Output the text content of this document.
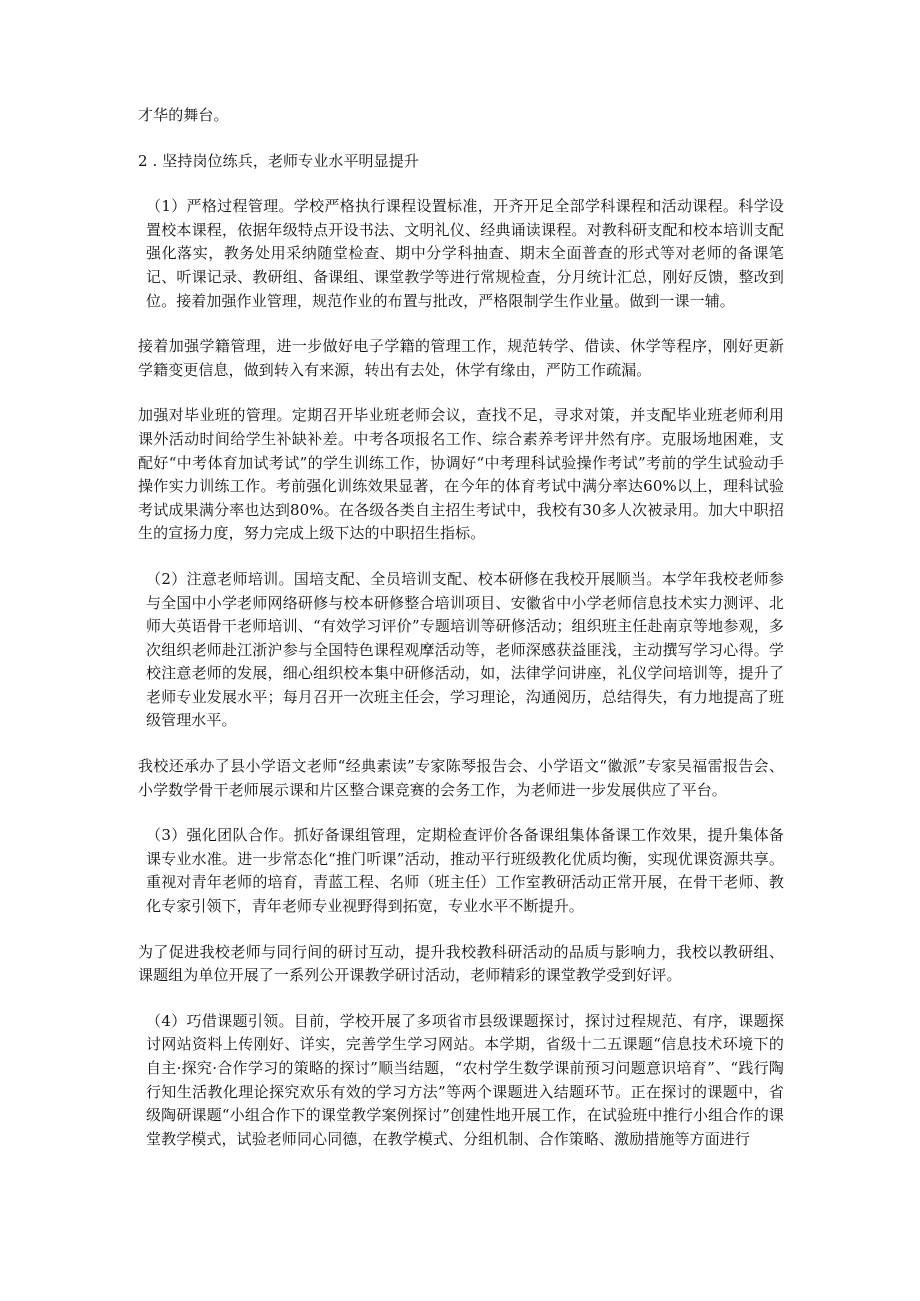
才华的舞台。

2 . 坚持岗位练兵，老师专业水平明显提升

（1）严格过程管理。学校严格执行课程设置标准，开齐开足全部学科课程和活动课程。科学设置校本课程，依据年级特点开设书法、文明礼仪、经典诵读课程。对教科研支配和校本培训支配强化落实，教务处用采纳随堂检查、期中分学科抽查、期末全面普查的形式等对老师的备课笔记、听课记录、教研组、备课组、课堂教学等进行常规检查，分月统计汇总，刚好反馈，整改到位。接着加强作业管理，规范作业的布置与批改，严格限制学生作业量。做到一课一辅。

接着加强学籍管理，进一步做好电子学籍的管理工作，规范转学、借读、休学等程序，刚好更新学籍变更信息，做到转入有来源，转出有去处，休学有缘由，严防工作疏漏。

加强对毕业班的管理。定期召开毕业班老师会议，查找不足，寻求对策，并支配毕业班老师利用课外活动时间给学生补缺补差。中考各项报名工作、综合素养考评井然有序。克服场地困难，支配好“中考体育加试考试”的学生训练工作，协调好“中考理科试验操作考试”考前的学生试验动手操作实力训练工作。考前强化训练效果显著，在今年的体育考试中满分率达60%以上，理科试验考试成果满分率也达到80%。在各级各类自主招生考试中，我校有30多人次被录用。加大中职招生的宣扬力度，努力完成上级下达的中职招生指标。

（2）注意老师培训。国培支配、全员培训支配、校本研修在我校开展顺当。本学年我校老师参与全国中小学老师网络研修与校本研修整合培训项目、安徽省中小学老师信息技术实力测评、北师大英语骨干老师培训、“有效学习评价”专题培训等研修活动；组织班主任赴南京等地参观，多次组织老师赴江浙沪参与全国特色课程观摩活动等，老师深感获益匪浅，主动撰写学习心得。学校注意老师的发展，细心组织校本集中研修活动，如，法律学问讲座，礼仪学问培训等，提升了老师专业发展水平；每月召开一次班主任会，学习理论，沟通阅历，总结得失，有力地提高了班级管理水平。

我校还承办了县小学语文老师“经典素读”专家陈琴报告会、小学语文“徽派”专家吴福雷报告会、小学数学骨干老师展示课和片区整合课竞赛的会务工作，为老师进一步发展供应了平台。

（3）强化团队合作。抓好备课组管理，定期检查评价各备课组集体备课工作效果，提升集体备课专业水准。进一步常态化“推门听课”活动，推动平行班级教化优质均衡，实现优课资源共享。重视对青年老师的培育，青蓝工程、名师（班主任）工作室教研活动正常开展，在骨干老师、教化专家引领下，青年老师专业视野得到拓宽，专业水平不断提升。

为了促进我校老师与同行间的研讨互动，提升我校教科研活动的品质与影响力，我校以教研组、课题组为单位开展了一系列公开课教学研讨活动，老师精彩的课堂教学受到好评。

（4）巧借课题引领。目前，学校开展了多项省市县级课题探讨，探讨过程规范、有序，课题探讨网站资料上传刚好、详实，完善学生学习网站。本学期，省级十二五课题“信息技术环境下的自主·探究·合作学习的策略的探讨”顺当结题，“农村学生数学课前预习问题意识培育”、“践行陶行知生活教化理论探究欢乐有效的学习方法”等两个课题进入结题环节。正在探讨的课题中，省级陶研课题“小组合作下的课堂教学案例探讨”创建性地开展工作，在试验班中推行小组合作的课堂教学模式，试验老师同心同德，在教学模式、分组机制、合作策略、激励措施等方面进行
